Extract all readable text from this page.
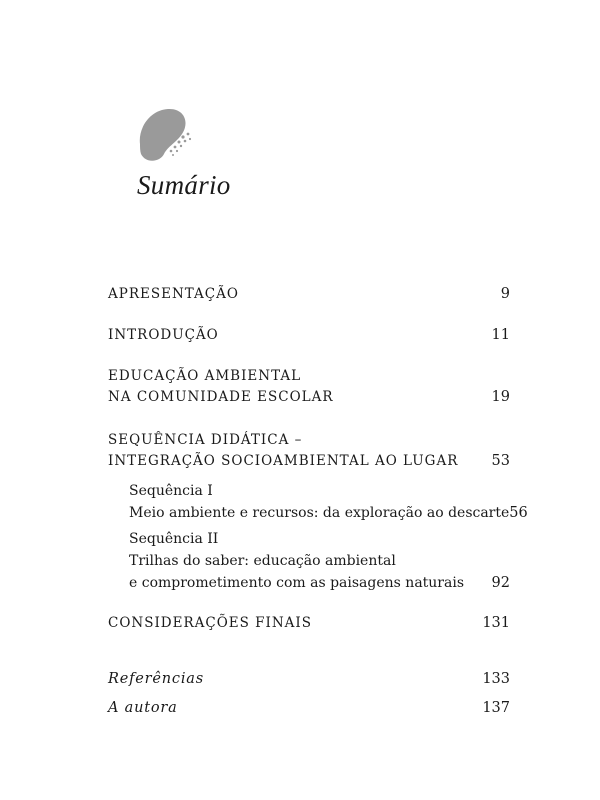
Sumário
APRESENTAÇÃO	9
INTRODUÇÃO	11
EDUCAÇÃO AMBIENTAL
NA COMUNIDADE ESCOLAR	19
SEQUÊNCIA DIDÁTICA –
INTEGRAÇÃO SOCIOAMBIENTAL AO LUGAR 53
Sequência I
Meio ambiente e recursos: da exploração ao descarte 56
Sequência II
Trilhas do saber: educação ambiental
e comprometimento com as paisagens naturais 92
CONSIDERAÇÕES FINAIS	131
Referências	133
A autora	137
